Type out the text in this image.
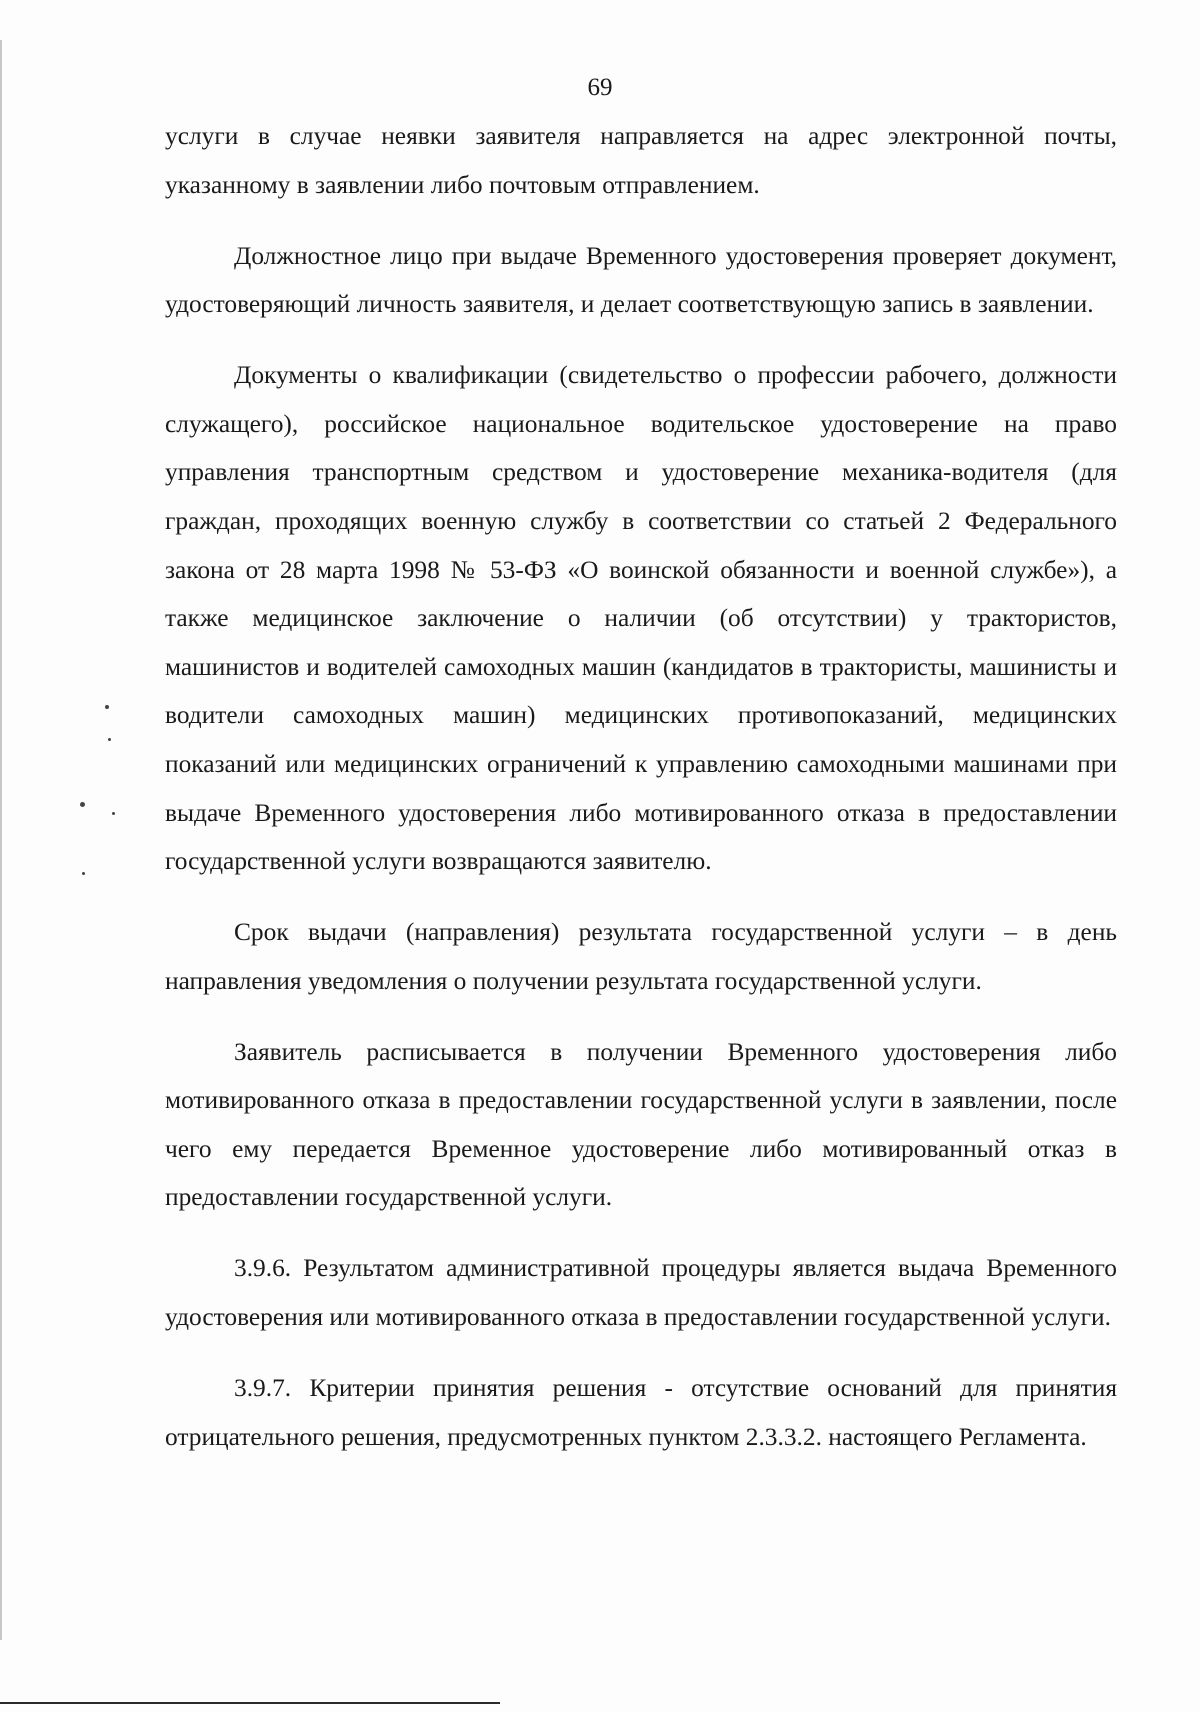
69

услуги в случае неявки заявителя направляется на адрес электронной почты, указанному в заявлении либо почтовым отправлением.

Должностное лицо при выдаче Временного удостоверения проверяет документ, удостоверяющий личность заявителя, и делает соответствующую запись в заявлении.

Документы о квалификации (свидетельство о профессии рабочего, должности служащего), российское национальное водительское удостоверение на право управления транспортным средством и удостоверение механика-водителя (для граждан, проходящих военную службу в соответствии со статьей 2 Федерального закона от 28 марта 1998 № 53-ФЗ «О воинской обязанности и военной службе»), а также медицинское заключение о наличии (об отсутствии) у трактористов, машинистов и водителей самоходных машин (кандидатов в трактористы, машинисты и водители самоходных машин) медицинских противопоказаний, медицинских показаний или медицинских ограничений к управлению самоходными машинами при выдаче Временного удостоверения либо мотивированного отказа в предоставлении государственной услуги возвращаются заявителю.

Срок выдачи (направления) результата государственной услуги – в день направления уведомления о получении результата государственной услуги.

Заявитель расписывается в получении Временного удостоверения либо мотивированного отказа в предоставлении государственной услуги в заявлении, после чего ему передается Временное удостоверение либо мотивированный отказ в предоставлении государственной услуги.

3.9.6. Результатом административной процедуры является выдача Временного удостоверения или мотивированного отказа в предоставлении государственной услуги.

3.9.7. Критерии принятия решения - отсутствие оснований для принятия отрицательного решения, предусмотренных пунктом 2.3.3.2. настоящего Регламента.
